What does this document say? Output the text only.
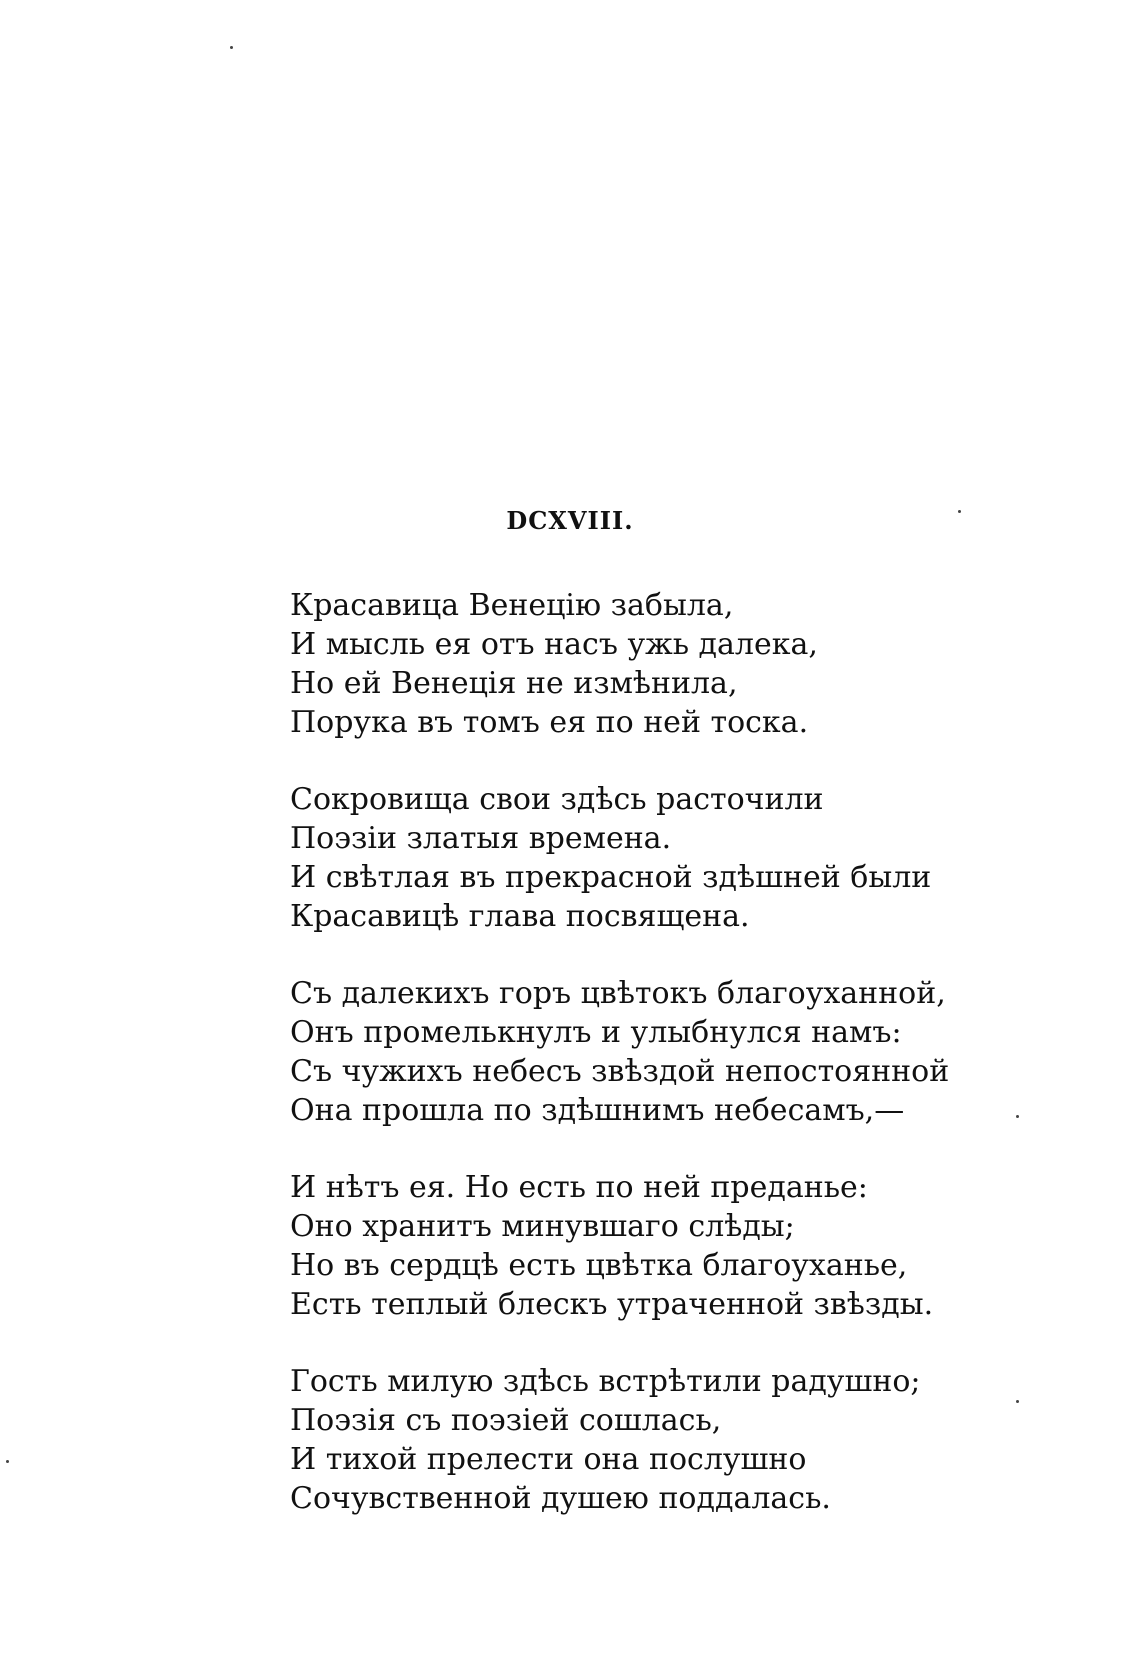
DCXVIII.
Красавица Венецію забыла,
И мысль ея отъ насъ ужь далека,
Но ей Венеція не измѣнила,
Порука въ томъ ея по ней тоска.
Сокровища свои здѣсь расточили
Поэзіи златыя времена.
И свѣтлая въ прекрасной здѣшней были
Красавицѣ глава посвящена.
Съ далекихъ горъ цвѣтокъ благоуханной,
Онъ промелькнулъ и улыбнулся намъ:
Съ чужихъ небесъ звѣздой непостоянной
Она прошла по здѣшнимъ небесамъ,—
И нѣтъ ея. Но есть по ней преданье:
Оно хранитъ минувшаго слѣды;
Но въ сердцѣ есть цвѣтка благоуханье,
Есть теплый блескъ утраченной звѣзды.
Гость милую здѣсь встрѣтили радушно;
Поэзія съ поэзіей сошлась,
И тихой прелести она послушно
Сочувственной душею поддалась.
